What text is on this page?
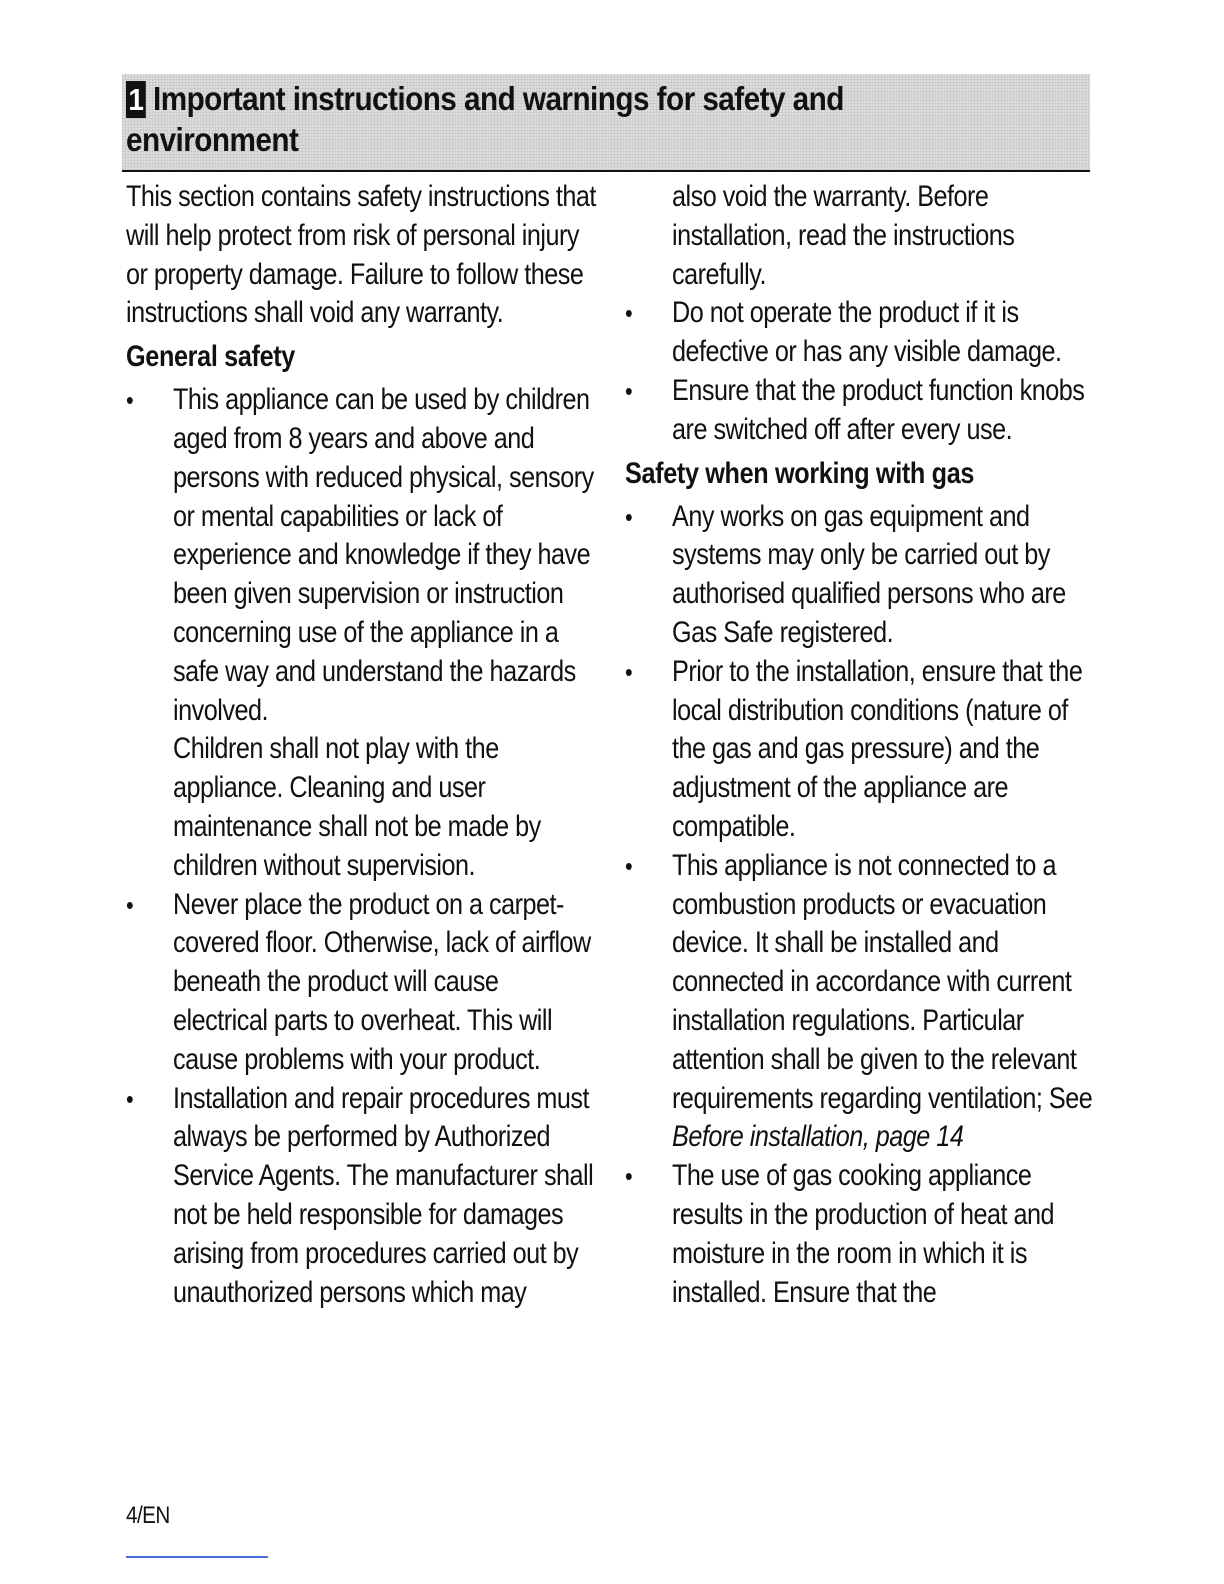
1 Important instructions and warnings for safety and
environment

This section contains safety instructions that will help protect from risk of personal injury or property damage. Failure to follow these instructions shall void any warranty.

General safety
•	This appliance can be used by children aged from 8 years and above and persons with reduced physical, sensory or mental capabilities or lack of experience and knowledge if they have been given supervision or instruction concerning use of the appliance in a safe way and understand the hazards involved.
Children shall not play with the appliance. Cleaning and user maintenance shall not be made by children without supervision.
•	Never place the product on a carpet-covered floor. Otherwise, lack of airflow beneath the product will cause electrical parts to overheat. This will cause problems with your product.
•	Installation and repair procedures must always be performed by Authorized Service Agents. The manufacturer shall not be held responsible for damages arising from procedures carried out by unauthorized persons which may

also void the warranty. Before installation, read the instructions carefully.

•	Do not operate the product if it is defective or has any visible damage.
•	Ensure that the product function knobs are switched off after every use.
Safety when working with gas
•	Any works on gas equipment and systems may only be carried out by authorised qualified persons who are Gas Safe registered.
•	Prior to the installation, ensure that the local distribution conditions (nature of the gas and gas pressure) and the adjustment of the appliance are compatible.
•	This appliance is not connected to a combustion products or evacuation device. It shall be installed and connected in accordance with current installation regulations. Particular attention shall be given to the relevant requirements regarding ventilation; See Before installation, page 14
•	The use of gas cooking appliance results in the production of heat and moisture in the room in which it is installed. Ensure that the
4/EN
